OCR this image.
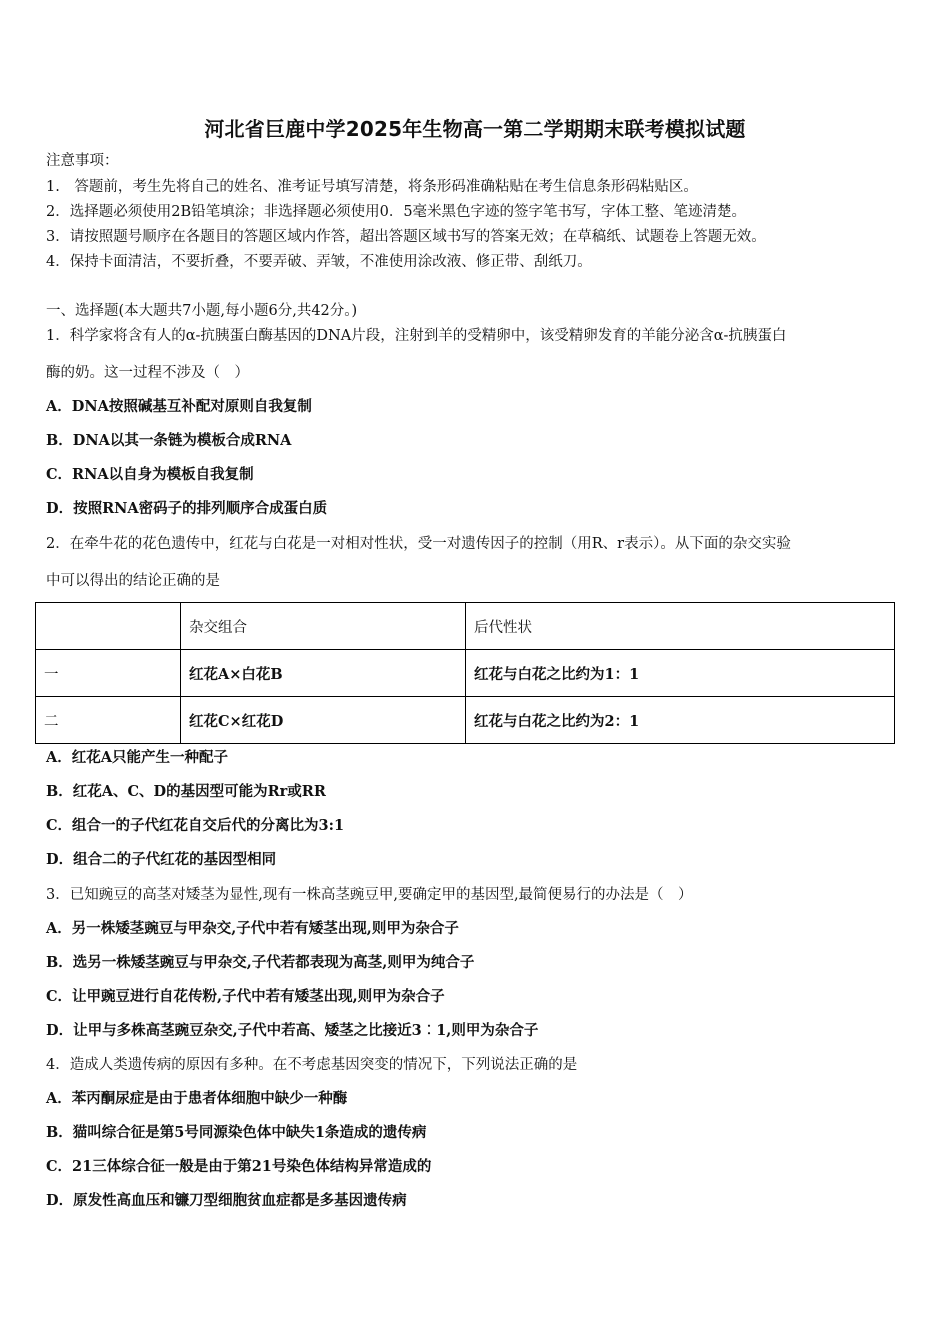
河北省巨鹿中学2025年生物高一第二学期期末联考模拟试题
注意事项：
1.　答题前，考生先将自己的姓名、准考证号填写清楚，将条形码准确粘贴在考生信息条形码粘贴区。
2．选择题必须使用2B铅笔填涂；非选择题必须使用0．5毫米黑色字迹的签字笔书写，字体工整、笔迹清楚。
3．请按照题号顺序在各题目的答题区域内作答，超出答题区域书写的答案无效；在草稿纸、试题卷上答题无效。
4．保持卡面清洁，不要折叠，不要弄破、弄皱，不准使用涂改液、修正带、刮纸刀。
一、选择题(本大题共7小题,每小题6分,共42分。)
1．科学家将含有人的α-抗胰蛋白酶基因的DNA片段，注射到羊的受精卵中，该受精卵发育的羊能分泌含α-抗胰蛋白
酶的奶。这一过程不涉及（　）
A．DNA按照碱基互补配对原则自我复制
B．DNA以其一条链为模板合成RNA
C．RNA以自身为模板自我复制
D．按照RNA密码子的排列顺序合成蛋白质
2．在牵牛花的花色遗传中，红花与白花是一对相对性状，受一对遗传因子的控制（用R、r表示）。从下面的杂交实验
中可以得出的结论正确的是
	杂交组合	后代性状
一	红花A×白花B	红花与白花之比约为1：1
二	红花C×红花D	红花与白花之比约为2：1
A．红花A只能产生一种配子
B．红花A、C、D的基因型可能为Rr或RR
C．组合一的子代红花自交后代的分离比为3:1
D．组合二的子代红花的基因型相同
3．已知豌豆的高茎对矮茎为显性,现有一株高茎豌豆甲,要确定甲的基因型,最简便易行的办法是（　）
A．另一株矮茎豌豆与甲杂交,子代中若有矮茎出现,则甲为杂合子
B．选另一株矮茎豌豆与甲杂交,子代若都表现为高茎,则甲为纯合子
C．让甲豌豆进行自花传粉,子代中若有矮茎出现,则甲为杂合子
D．让甲与多株高茎豌豆杂交,子代中若高、矮茎之比接近3︰1,则甲为杂合子
4．造成人类遗传病的原因有多种。在不考虑基因突变的情况下，下列说法正确的是
A．苯丙酮尿症是由于患者体细胞中缺少一种酶
B．猫叫综合征是第5号同源染色体中缺失1条造成的遗传病
C．21三体综合征一般是由于第21号染色体结构异常造成的
D．原发性高血压和镰刀型细胞贫血症都是多基因遗传病
